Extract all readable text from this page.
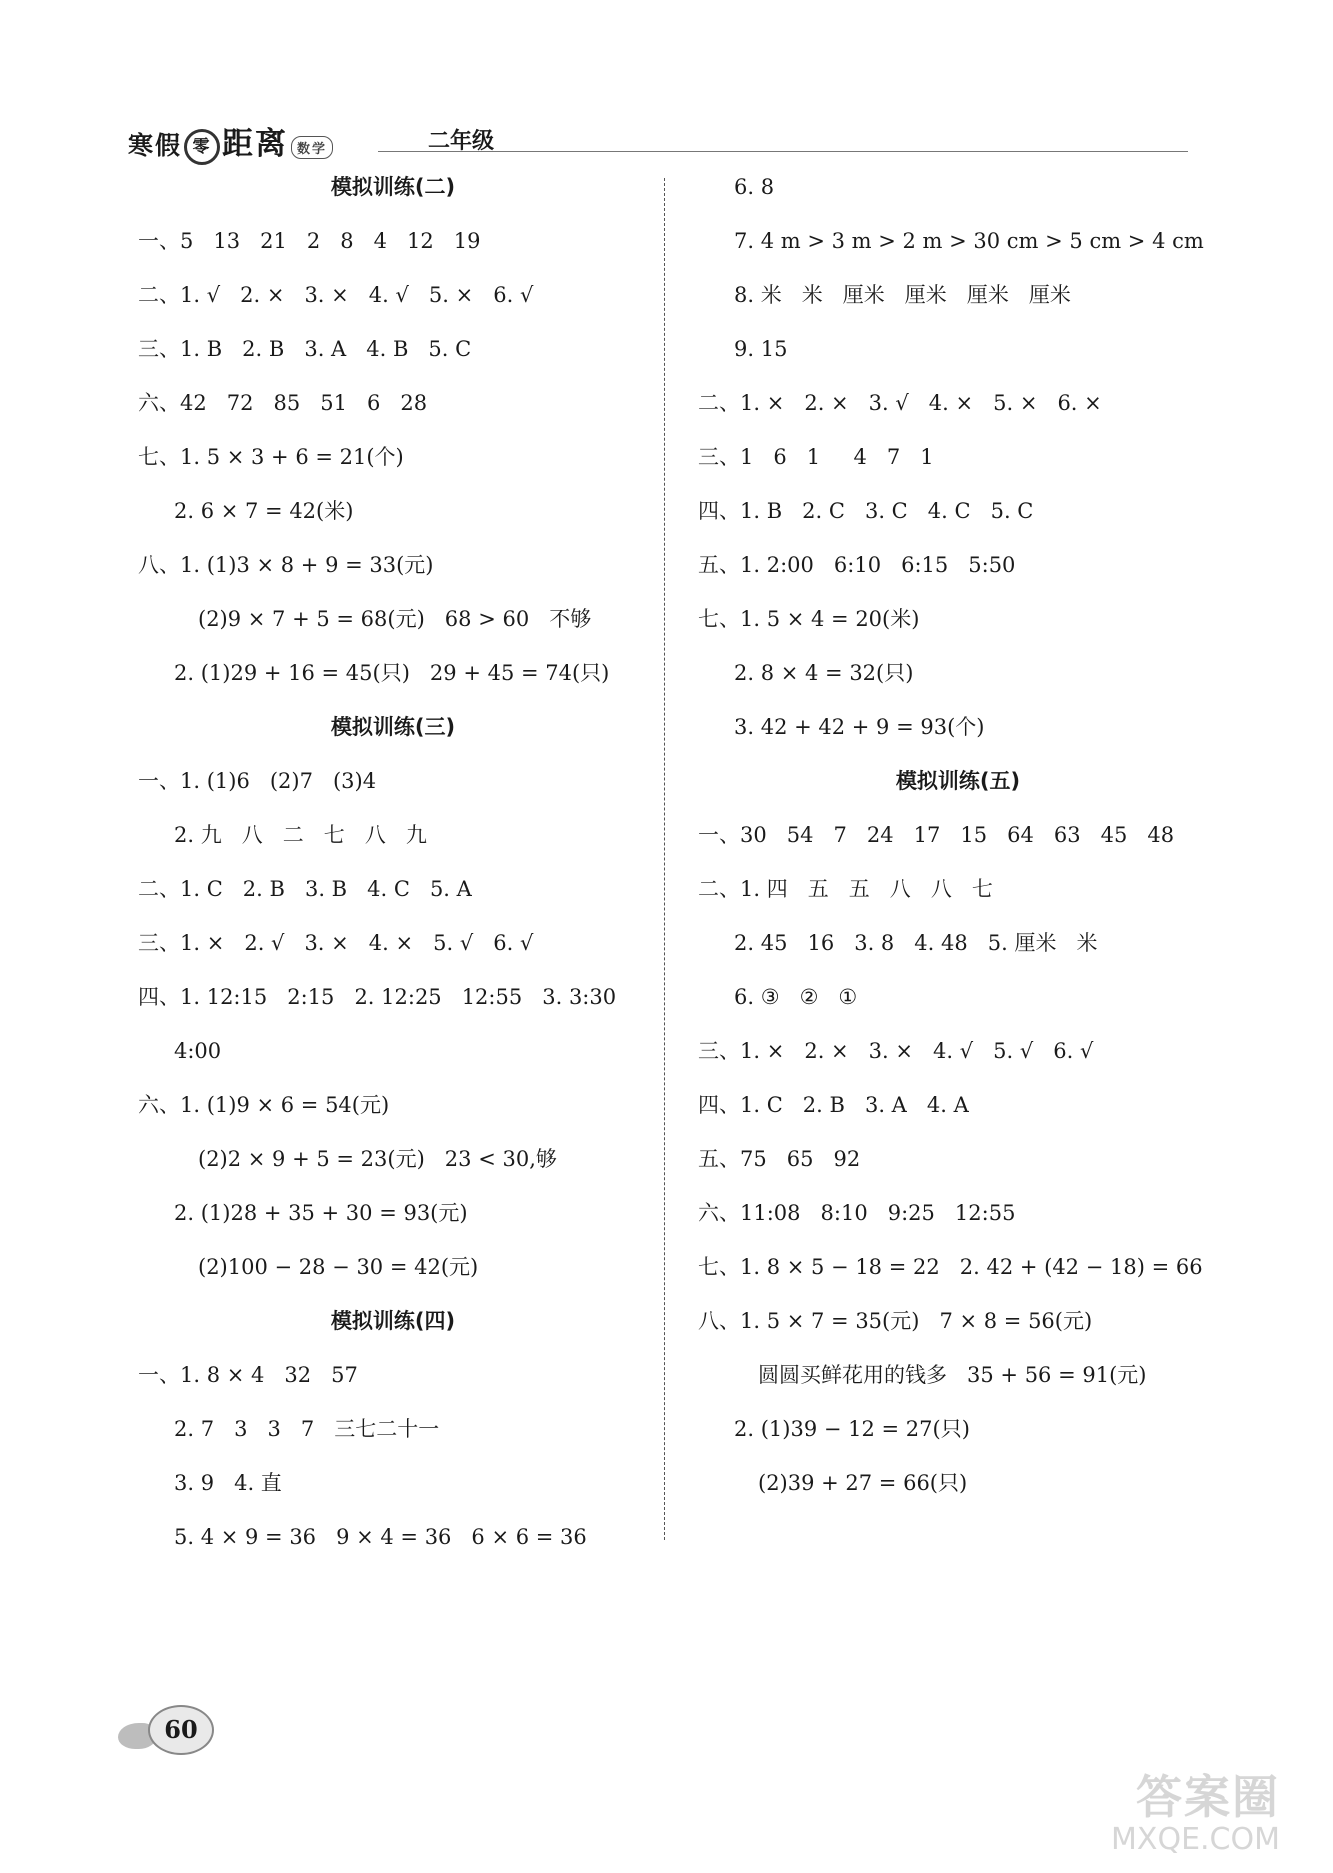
寒假 零 距离 数学	二年级
模拟训练(二)
一、5   13   21   2   8   4   12   19
二、1. √   2. ×   3. ×   4. √   5. ×   6. √
三、1. B   2. B   3. A   4. B   5. C
六、42   72   85   51   6   28
七、1. 5 × 3 + 6 = 21(个)
2. 6 × 7 = 42(米)
八、1. (1)3 × 8 + 9 = 33(元)
(2)9 × 7 + 5 = 68(元)   68 > 60   不够
2. (1)29 + 16 = 45(只)   29 + 45 = 74(只)
模拟训练(三)
一、1. (1)6   (2)7   (3)4
2. 九   八   二   七   八   九
二、1. C   2. B   3. B   4. C   5. A
三、1. ×   2. √   3. ×   4. ×   5. √   6. √
四、1. 12:15   2:15   2. 12:25   12:55   3. 3:30
4:00
六、1. (1)9 × 6 = 54(元)
(2)2 × 9 + 5 = 23(元)   23 < 30,够
2. (1)28 + 35 + 30 = 93(元)
(2)100 − 28 − 30 = 42(元)
模拟训练(四)
一、1. 8 × 4   32   57
2. 7   3   3   7   三七二十一
3. 9   4. 直
5. 4 × 9 = 36   9 × 4 = 36   6 × 6 = 36
6. 8
7. 4 m > 3 m > 2 m > 30 cm > 5 cm > 4 cm
8. 米   米   厘米   厘米   厘米   厘米
9. 15
二、1. ×   2. ×   3. √   4. ×   5. ×   6. ×
三、1   6   1     4   7   1
四、1. B   2. C   3. C   4. C   5. C
五、1. 2:00   6:10   6:15   5:50
七、1. 5 × 4 = 20(米)
2. 8 × 4 = 32(只)
3. 42 + 42 + 9 = 93(个)
模拟训练(五)
一、30   54   7   24   17   15   64   63   45   48
二、1. 四   五   五   八   八   七
2. 45   16   3. 8   4. 48   5. 厘米   米
6. ③   ②   ①
三、1. ×   2. ×   3. ×   4. √   5. √   6. √
四、1. C   2. B   3. A   4. A
五、75   65   92
六、11:08   8:10   9:25   12:55
七、1. 8 × 5 − 18 = 22   2. 42 + (42 − 18) = 66
八、1. 5 × 7 = 35(元)   7 × 8 = 56(元)
圆圆买鲜花用的钱多   35 + 56 = 91(元)
2. (1)39 − 12 = 27(只)
(2)39 + 27 = 66(只)
60
答案圈
MXQE.COM
